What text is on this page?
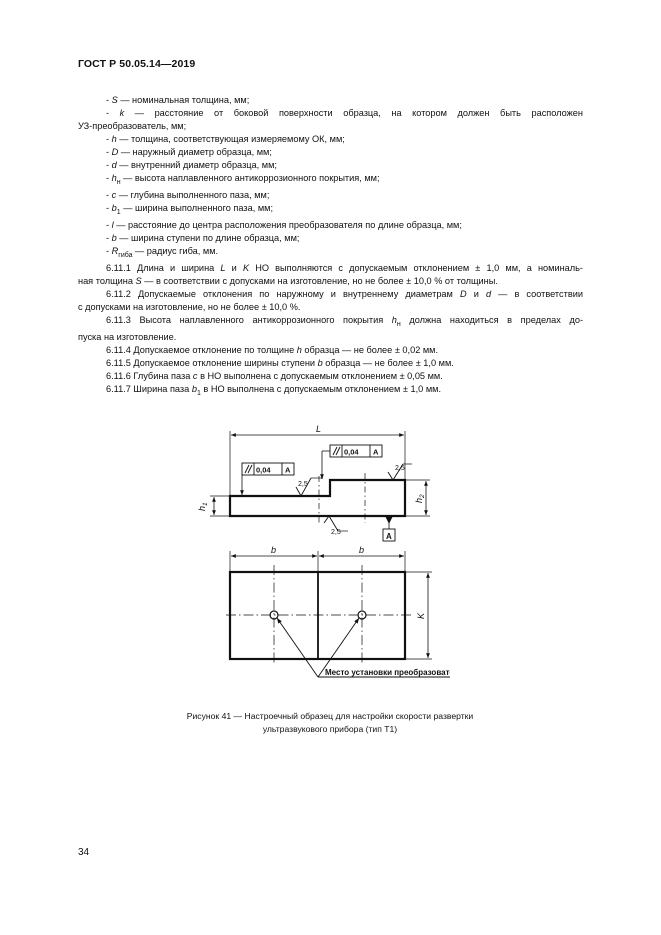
ГОСТ Р 50.05.14—2019
- S — номинальная толщина, мм;
- k — расстояние от боковой поверхности образца, на котором должен быть расположен
УЗ-преобразователь, мм;
- h — толщина, соответствующая измеряемому ОК, мм;
- D — наружный диаметр образца, мм;
- d — внутренний диаметр образца, мм;
- $h_н$ — высота наплавленного антикоррозионного покрытия, мм;
- c — глубина выполненного паза, мм;
- $b_1$ — ширина выполненного паза, мм;
- l — расстояние до центра расположения преобразователя по длине образца, мм;
- b — ширина ступени по длине образца, мм;
- $R_{гиба}$ — радиус гиба, мм.
6.11.1 Длина и ширина L и K НО выполняются с допускаемым отклонением ± 1,0 мм, а номиналь-
ная толщина S — в соответствии с допусками на изготовление, но не более ± 10,0 % от толщины.
6.11.2 Допускаемые отклонения по наружному и внутреннему диаметрам D и d — в соответствии
с допусками на изготовление, но не более ± 10,0 %.
6.11.3 Высота наплавленного антикоррозионного покрытия $h_н$ должна находиться в пределах до-
пуска на изготовление.
6.11.4 Допускаемое отклонение по толщине h образца — не более ± 0,02 мм.
6.11.5 Допускаемое отклонение ширины ступени b образца — не более ± 1,0 мм.
6.11.6 Глубина паза c в НО выполнена с допускаемым отклонением ± 0,05 мм.
6.11.7 Ширина паза $b_1$ в НО выполнена с допускаемым отклонением ± 1,0 мм.
L
$h_1$
$h_2$
0,04 A
0,04 A
2,5
2,5
2,5	A
b	b
K
Место установки преобразователя
Рисунок 41 — Настроечный образец для настройки скорости развертки
ультразвукового прибора (тип Т1)
34
